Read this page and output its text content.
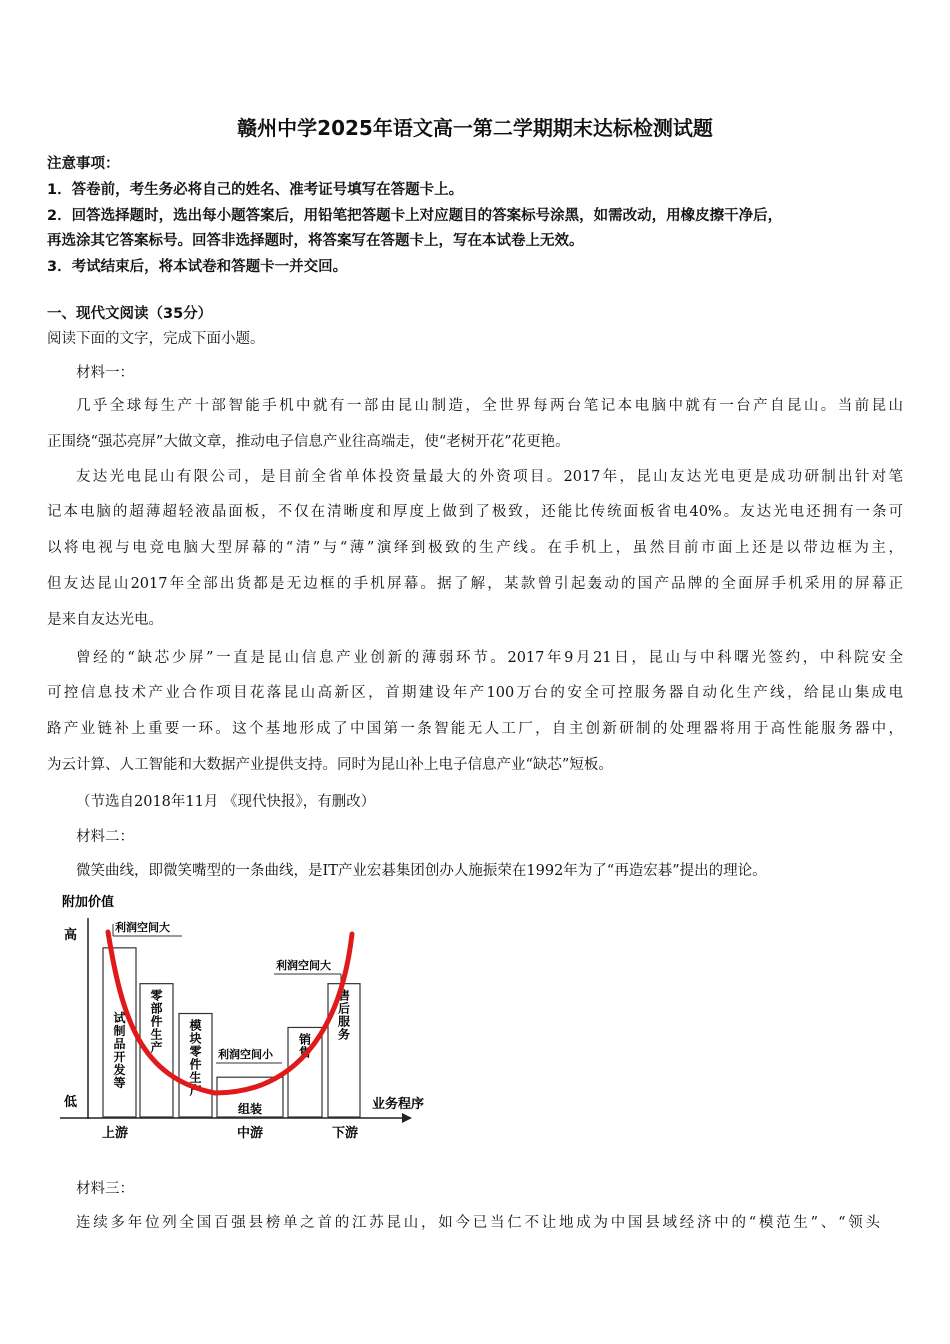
赣州中学2025年语文高一第二学期期末达标检测试题
注意事项：
1．答卷前，考生务必将自己的姓名、准考证号填写在答题卡上。
2．回答选择题时，选出每小题答案后，用铅笔把答题卡上对应题目的答案标号涂黑，如需改动，用橡皮擦干净后，
再选涂其它答案标号。回答非选择题时，将答案写在答题卡上，写在本试卷上无效。
3．考试结束后，将本试卷和答题卡一并交回。
一、现代文阅读（35分）
阅读下面的文字，完成下面小题。
材料一：
几乎全球每生产十部智能手机中就有一部由昆山制造，全世界每两台笔记本电脑中就有一台产自昆山。当前昆山
正围绕“强芯亮屏”大做文章，推动电子信息产业往高端走，使“老树开花”花更艳。
友达光电昆山有限公司，是目前全省单体投资量最大的外资项目。2017年，昆山友达光电更是成功研制出针对笔
记本电脑的超薄超轻液晶面板，不仅在清晰度和厚度上做到了极致，还能比传统面板省电40%。友达光电还拥有一条可
以将电视与电竞电脑大型屏幕的“清”与“薄”演绎到极致的生产线。在手机上，虽然目前市面上还是以带边框为主，
但友达昆山2017年全部出货都是无边框的手机屏幕。据了解，某款曾引起轰动的国产品牌的全面屏手机采用的屏幕正
是来自友达光电。
曾经的“缺芯少屏”一直是昆山信息产业创新的薄弱环节。2017年9月21日，昆山与中科曙光签约，中科院安全
可控信息技术产业合作项目花落昆山高新区，首期建设年产100万台的安全可控服务器自动化生产线，给昆山集成电
路产业链补上重要一环。这个基地形成了中国第一条智能无人工厂，自主创新研制的处理器将用于高性能服务器中，
为云计算、人工智能和大数据产业提供支持。同时为昆山补上电子信息产业“缺芯”短板。
（节选自2018年11月 《现代快报》，有删改）
材料二：
微笑曲线，即微笑嘴型的一条曲线，是IT产业宏碁集团创办人施振荣在1992年为了“再造宏碁”提出的理论。
附加价值
高
低	业务程序
试制品开发等
零部件生产
模块零件生产
组装
销售
售后服务
利润空间大
利润空间大
利润空间小
上游	中游	下游
材料三：
连续多年位列全国百强县榜单之首的江苏昆山，如今已当仁不让地成为中国县域经济中的“模范生”、“领头
